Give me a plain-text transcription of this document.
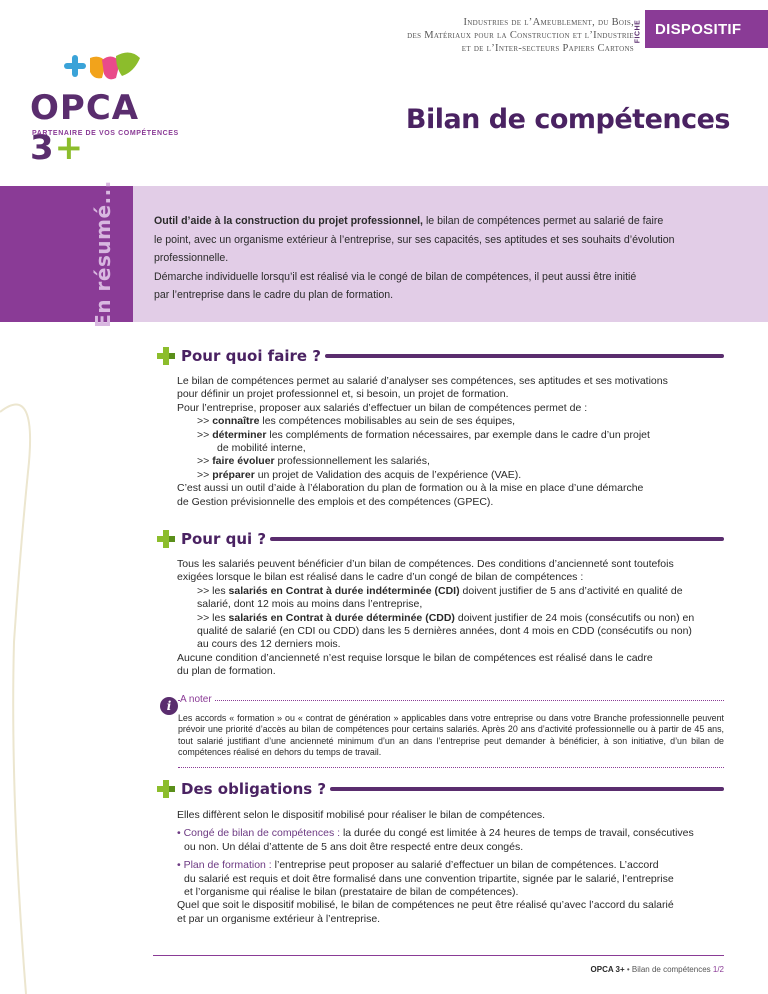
Industries de l’Ameublement, du Bois,
des Matériaux pour la Construction et l’Industrie
et de l’Inter-secteurs Papiers Cartons
FICHE DISPOSITIF
OPCA 3+
PARTENAIRE DE VOS COMPÉTENCES	Bilan de compétences
En résumé...	Outil d’aide à la construction du projet professionnel, le bilan de compétences permet au salarié de faire

le point, avec un organisme extérieur à l’entreprise, sur ses capacités, ses aptitudes et ses souhaits d’évolution

professionnelle.

Démarche individuelle lorsqu’il est réalisé via le congé de bilan de compétences, il peut aussi être initié

par l’entreprise dans le cadre du plan de formation.

Pour quoi faire ?

Le bilan de compétences permet au salarié d’analyser ses compétences, ses aptitudes et ses motivations

pour définir un projet professionnel et, si besoin, un projet de formation.

Pour l’entreprise, proposer aux salariés d’effectuer un bilan de compétences permet de :

>> connaître les compétences mobilisables au sein de ses équipes,

>> déterminer les compléments de formation nécessaires, par exemple dans le cadre d’un projet

de mobilité interne,

>> faire évoluer professionnellement les salariés,

>> préparer un projet de Validation des acquis de l’expérience (VAE).

C’est aussi un outil d’aide à l’élaboration du plan de formation ou à la mise en place d’une démarche

de Gestion prévisionnelle des emplois et des compétences (GPEC).

Pour qui ?

Tous les salariés peuvent bénéficier d’un bilan de compétences. Des conditions d’ancienneté sont toutefois

exigées lorsque le bilan est réalisé dans le cadre d’un congé de bilan de compétences :

>> les salariés en Contrat à durée indéterminée (CDI) doivent justifier de 5 ans d’activité en qualité de

salarié, dont 12 mois au moins dans l’entreprise,

>> les salariés en Contrat à durée déterminée (CDD) doivent justifier de 24 mois (consécutifs ou non) en

qualité de salarié (en CDI ou CDD) dans les 5 dernières années, dont 4 mois en CDD (consécutifs ou non)

au cours des 12 derniers mois.

Aucune condition d’ancienneté n’est requise lorsque le bilan de compétences est réalisé dans le cadre

du plan de formation.

i A noter
Les accords « formation » ou « contrat de génération » applicables dans votre entreprise ou dans votre Branche professionnelle peuvent prévoir une priorité d’accès au bilan de compétences pour certains salariés. Après 20 ans d’activité professionnelle ou à partir de 45 ans, tout salarié justifiant d’une ancienneté minimum d’un an dans l’entreprise peut demander à bénéficier, à son initiative, d’un bilan de compétences réalisé en dehors du temps de travail.
Des obligations ?

Elles diffèrent selon le dispositif mobilisé pour réaliser le bilan de compétences.

• Congé de bilan de compétences : la durée du congé est limitée à 24 heures de temps de travail, consécutives

ou non. Un délai d’attente de 5 ans doit être respecté entre deux congés.

• Plan de formation : l’entreprise peut proposer au salarié d’effectuer un bilan de compétences. L’accord

du salarié est requis et doit être formalisé dans une convention tripartite, signée par le salarié, l’entreprise

et l’organisme qui réalise le bilan (prestataire de bilan de compétences).

Quel que soit le dispositif mobilisé, le bilan de compétences ne peut être réalisé qu’avec l’accord du salarié

et par un organisme extérieur à l’entreprise.

OPCA 3+ • Bilan de compétences 1/2
